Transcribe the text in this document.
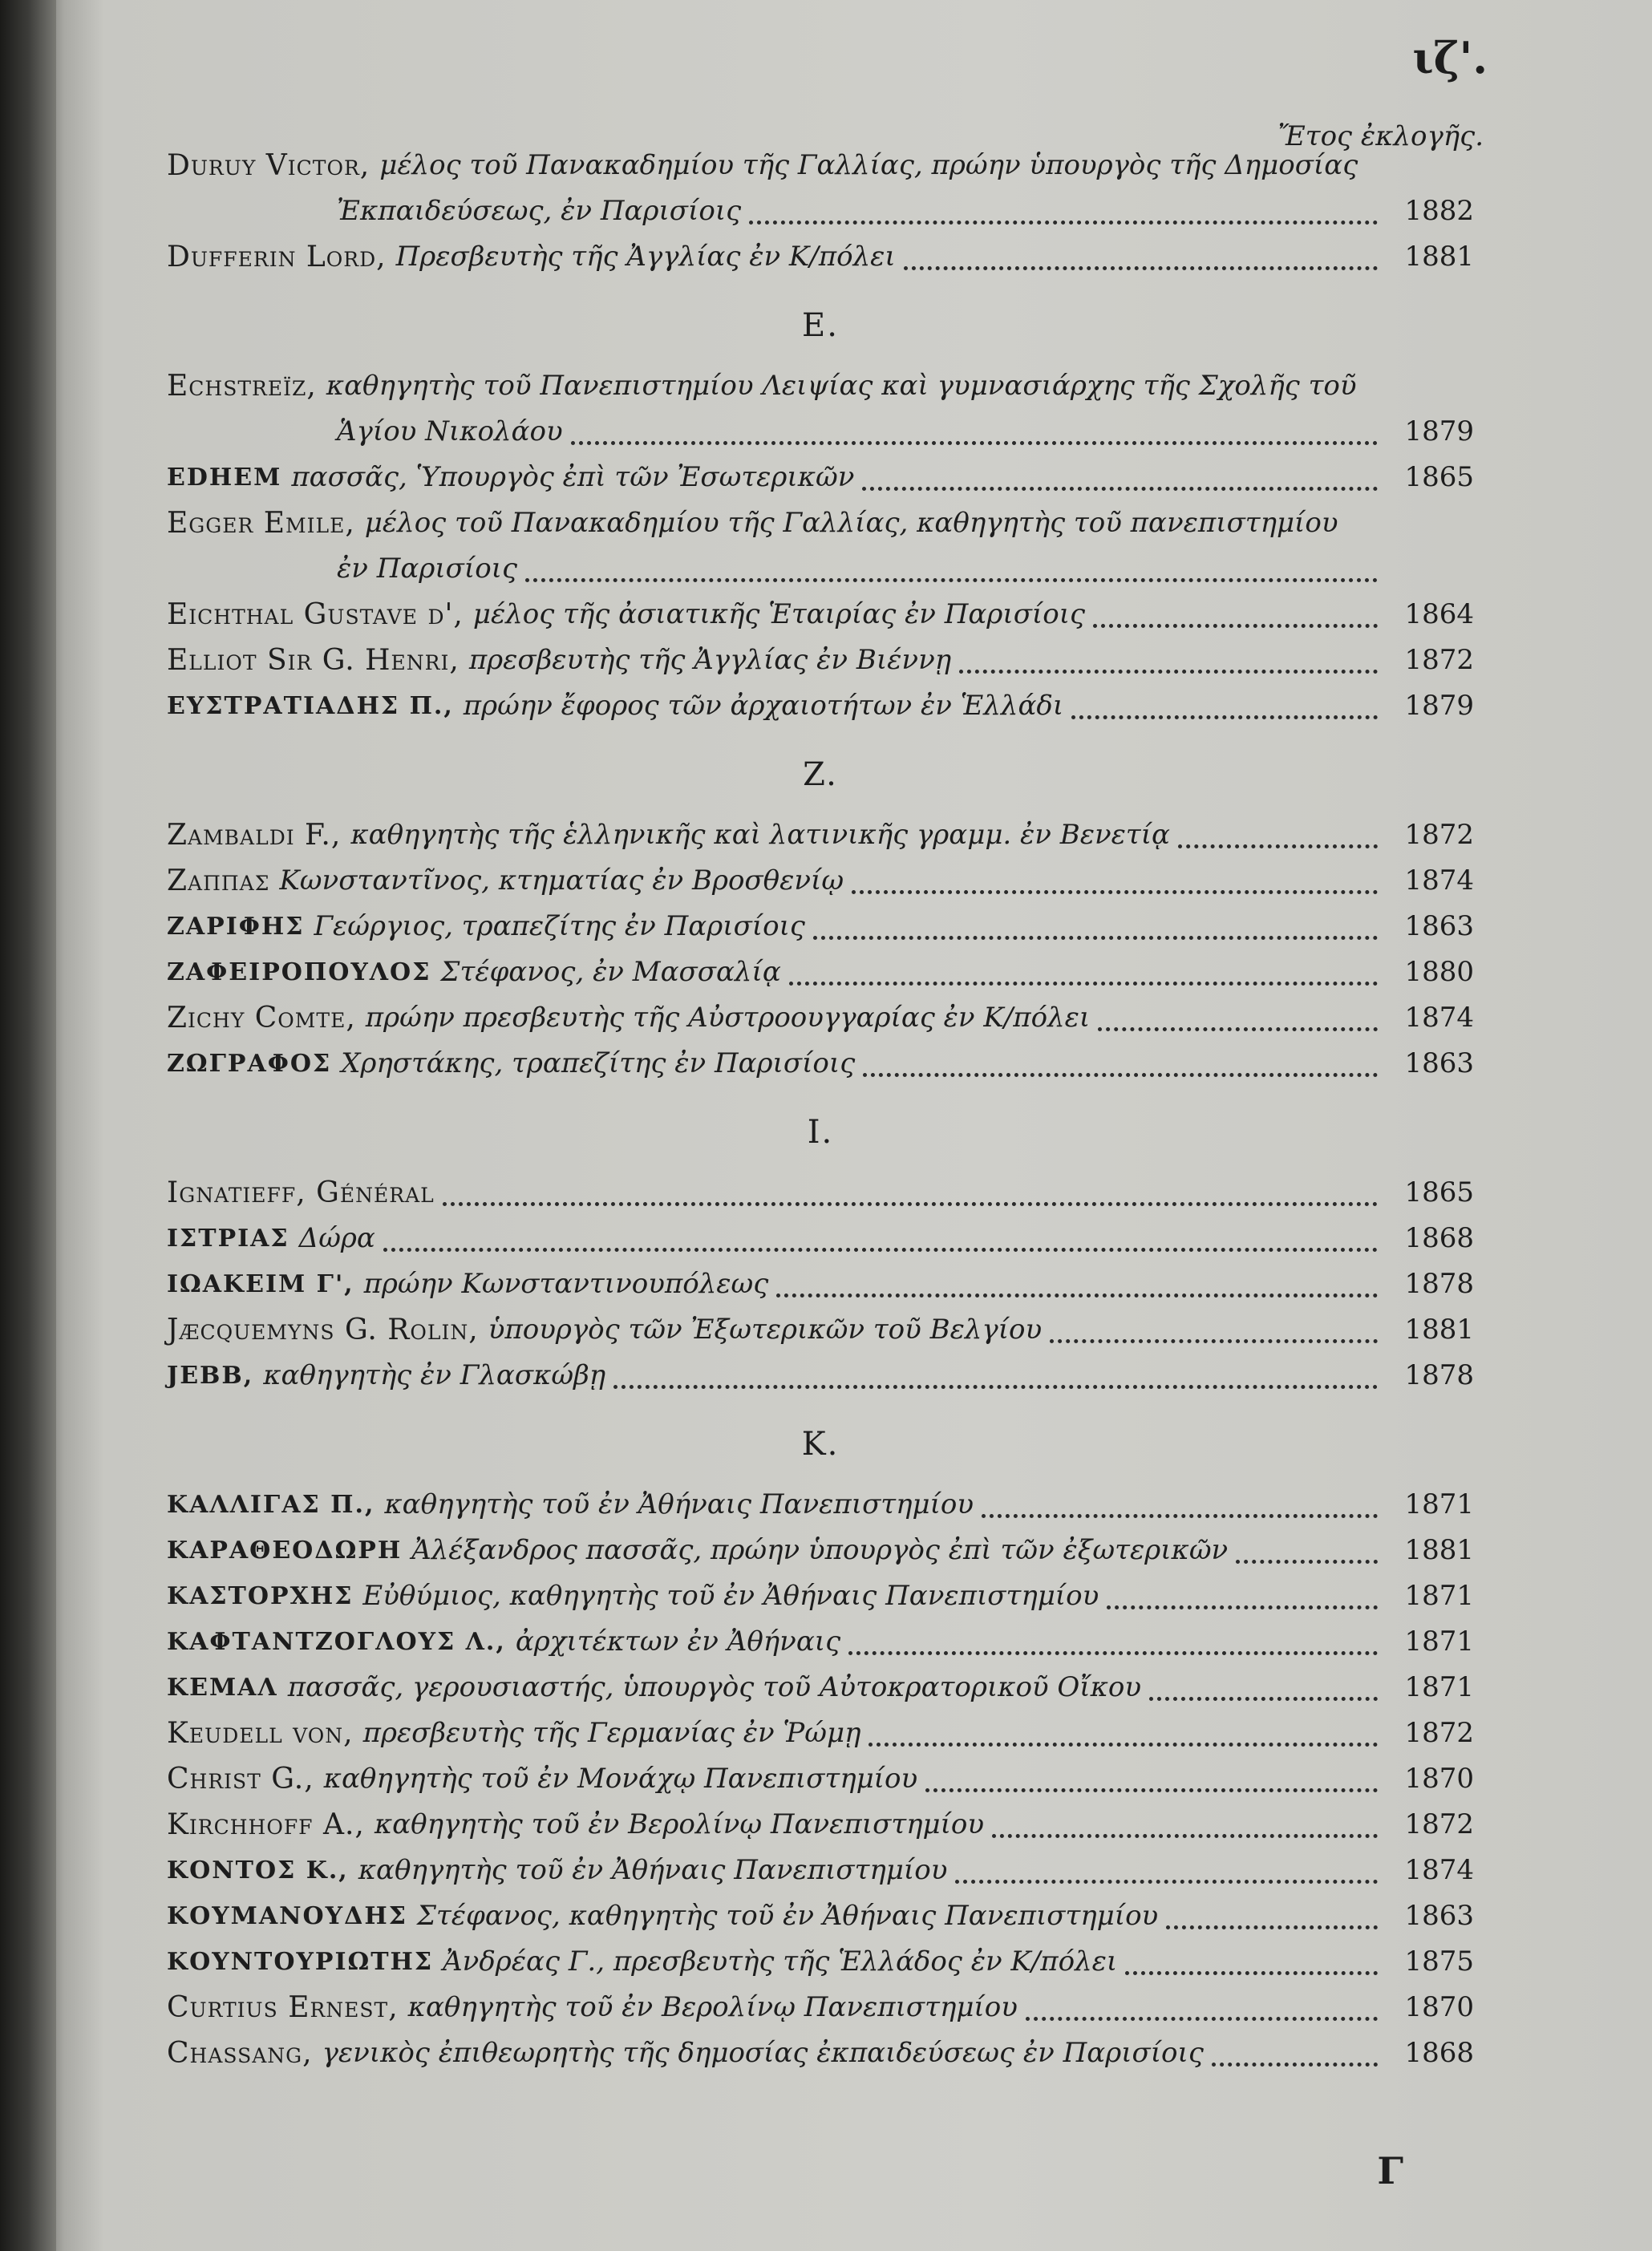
ιζ'.
Ἔτος ἐκλογῆς.
Duruy Victor, μέλος τοῦ Πανακαδημίου τῆς Γαλλίας, πρώην ὑπουργὸς τῆς Δημοσίας
Ἐκπαιδεύσεως, ἐν Παρισίοις	1882
Dufferin Lord, Πρεσβευτὴς τῆς Ἀγγλίας ἐν Κ/πόλει	1881
E.
Echstreïz, καθηγητὴς τοῦ Πανεπιστημίου Λειψίας καὶ γυμνασιάρχης τῆς Σχολῆς τοῦ
Ἁγίου Νικολάου	1879
EDHEM πασσᾶς, Ὑπουργὸς ἐπὶ τῶν Ἐσωτερικῶν	1865
Egger Emile, μέλος τοῦ Πανακαδημίου τῆς Γαλλίας, καθηγητὴς τοῦ πανεπιστημίου
ἐν Παρισίοις
Eichthal Gustave d', μέλος τῆς ἀσιατικῆς Ἑταιρίας ἐν Παρισίοις	1864
Elliot Sir G. Henri, πρεσβευτὴς τῆς Ἀγγλίας ἐν Βιέννῃ	1872
ΕΥΣΤΡΑΤΙΑΔΗΣ Π., πρώην ἔφορος τῶν ἀρχαιοτήτων ἐν Ἑλλάδι	1879
Z.
Zambaldi F., καθηγητὴς τῆς ἑλληνικῆς καὶ λατινικῆς γραμμ. ἐν Βενετίᾳ	1872
Ζαππας Κωνσταντῖνος, κτηματίας ἐν Βροσθενίῳ	1874
ΖΑΡΙΦΗΣ Γεώργιος, τραπεζίτης ἐν Παρισίοις	1863
ΖΑΦΕΙΡΟΠΟΥΛΟΣ Στέφανος, ἐν Μασσαλίᾳ	1880
Zichy Comte, πρώην πρεσβευτὴς τῆς Αὐστροουγγαρίας ἐν Κ/πόλει	1874
ΖΩΓΡΑΦΟΣ Χρηστάκης, τραπεζίτης ἐν Παρισίοις	1863
I.
Ignatieff, Général	1865
ΙΣΤΡΙΑΣ Δώρα	1868
ΙΩΑΚΕΙΜ Γ', πρώην Κωνσταντινουπόλεως	1878
Jæcquemyns G. Rolin, ὑπουργὸς τῶν Ἐξωτερικῶν τοῦ Βελγίου	1881
JEBB, καθηγητὴς ἐν Γλασκώβῃ	1878
K.
ΚΑΛΛΙΓΑΣ Π., καθηγητὴς τοῦ ἐν Ἀθήναις Πανεπιστημίου	1871
ΚΑΡΑΘΕΟΔΩΡΗ Ἀλέξανδρος πασσᾶς, πρώην ὑπουργὸς ἐπὶ τῶν ἐξωτερικῶν	1881
ΚΑΣΤΟΡΧΗΣ Εὐθύμιος, καθηγητὴς τοῦ ἐν Ἀθήναις Πανεπιστημίου	1871
ΚΑΦΤΑΝΤΖΟΓΛΟΥΣ Λ., ἀρχιτέκτων ἐν Ἀθήναις	1871
ΚΕΜΑΛ πασσᾶς, γερουσιαστής, ὑπουργὸς τοῦ Αὐτοκρατορικοῦ Οἴκου	1871
Keudell von, πρεσβευτὴς τῆς Γερμανίας ἐν Ῥώμῃ	1872
Christ G., καθηγητὴς τοῦ ἐν Μονάχῳ Πανεπιστημίου	1870
Kirchhoff A., καθηγητὴς τοῦ ἐν Βερολίνῳ Πανεπιστημίου	1872
ΚΟΝΤΟΣ Κ., καθηγητὴς τοῦ ἐν Ἀθήναις Πανεπιστημίου	1874
ΚΟΥΜΑΝΟΥΔΗΣ Στέφανος, καθηγητὴς τοῦ ἐν Ἀθήναις Πανεπιστημίου	1863
ΚΟΥΝΤΟΥΡΙΩΤΗΣ Ἀνδρέας Γ., πρεσβευτὴς τῆς Ἑλλάδος ἐν Κ/πόλει	1875
Curtius Ernest, καθηγητὴς τοῦ ἐν Βερολίνῳ Πανεπιστημίου	1870
Chassang, γενικὸς ἐπιθεωρητὴς τῆς δημοσίας ἐκπαιδεύσεως ἐν Παρισίοις	1868
Γ
